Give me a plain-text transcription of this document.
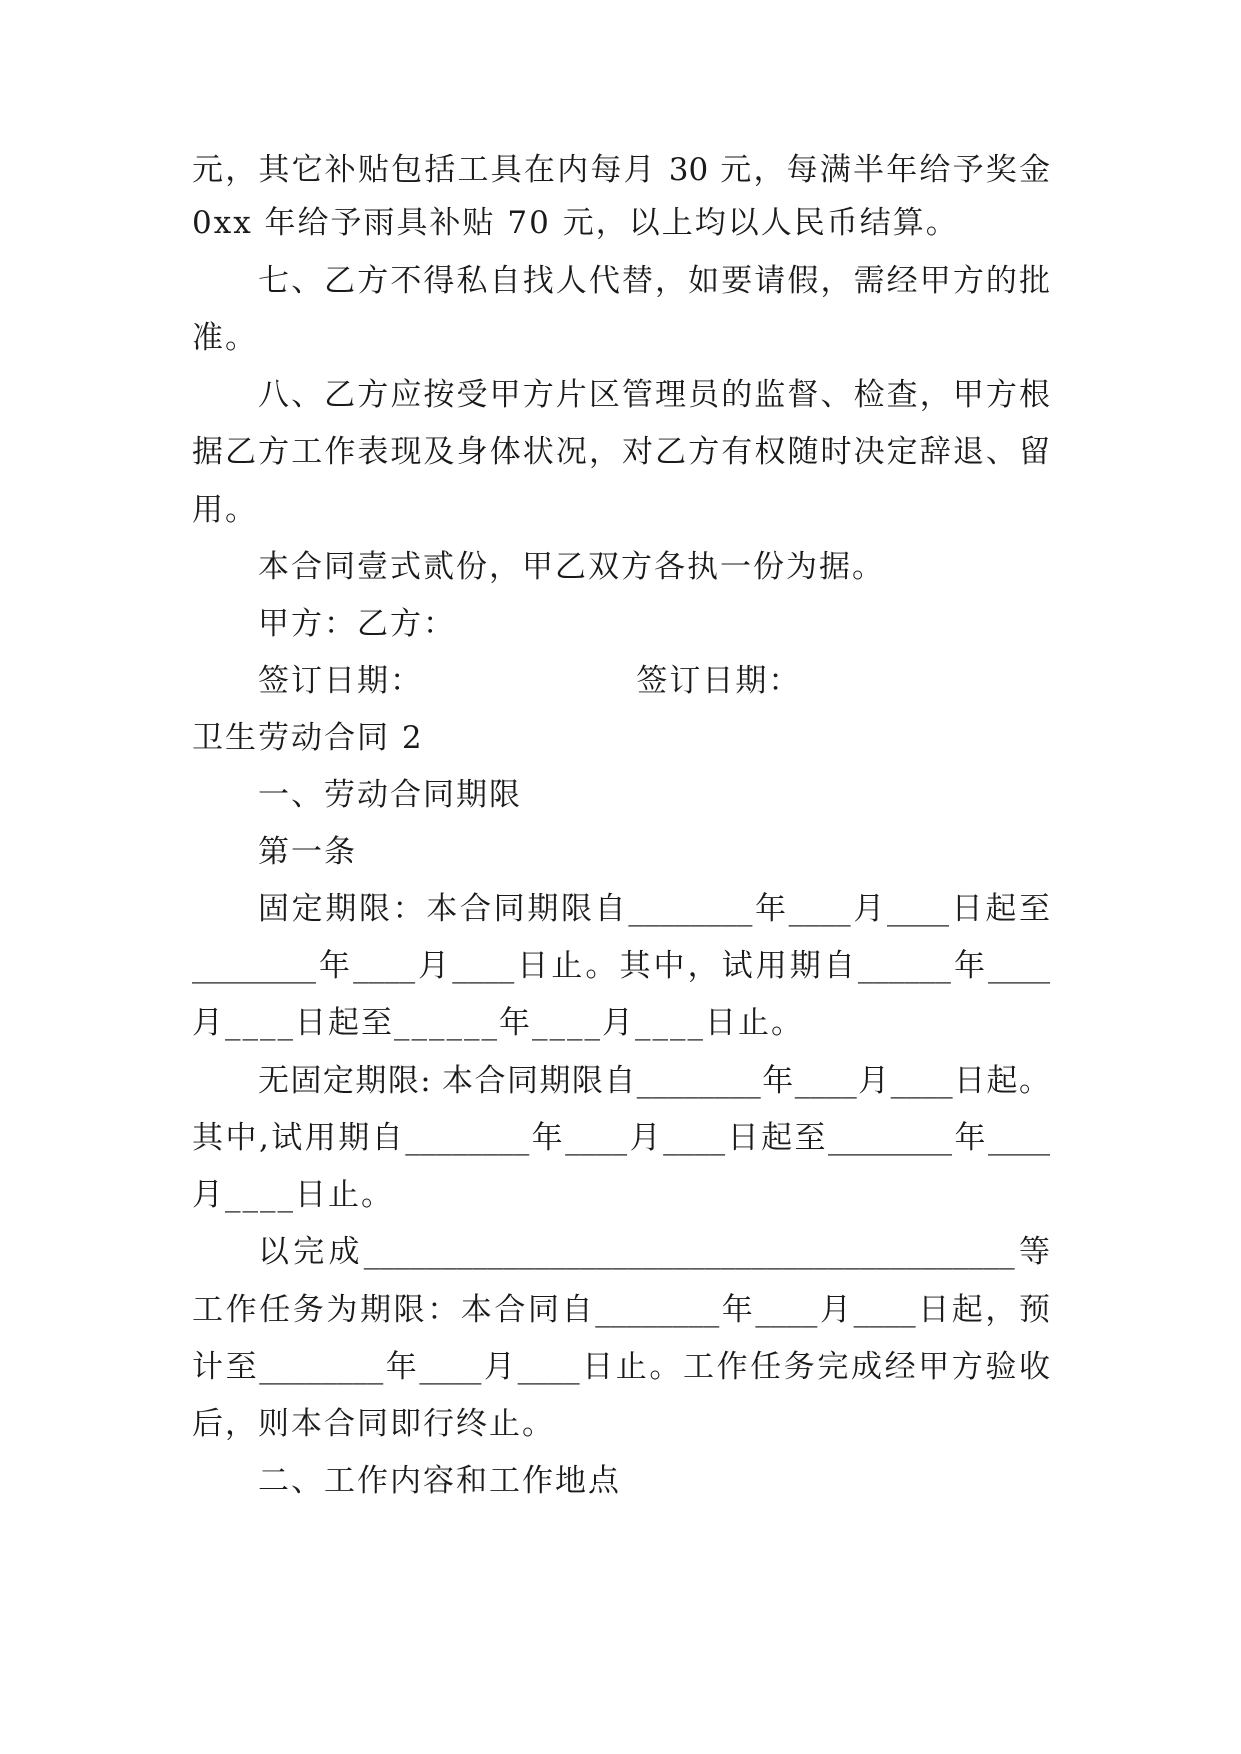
元，其它补贴包括工具在内每月 30 元，每满半年给予奖金
0xx 年给予雨具补贴 70 元，以上均以人民币结算。
七、乙方不得私自找人代替，如要请假，需经甲方的批
准。
八、乙方应按受甲方片区管理员的监督、检查，甲方根
据乙方工作表现及身体状况，对乙方有权随时决定辞退、留
用。
本合同壹式贰份，甲乙双方各执一份为据。
甲方：乙方：
签订日期：                  签订日期：
卫生劳动合同 2
一、劳动合同期限
第一条
固定期限：本合同期限自________年____月____日起至
________年____月____日止。其中，试用期自______年____
月____日起至______年____月____日止。
无固定期限: 本合同期限自________年____月____日起。
其中,试用期自________年____月____日起至________年____
月____日止。
以完成__________________________________________等
工作任务为期限：本合同自________年____月____日起，预
计至________年____月____日止。工作任务完成经甲方验收
后，则本合同即行终止。
二、工作内容和工作地点
